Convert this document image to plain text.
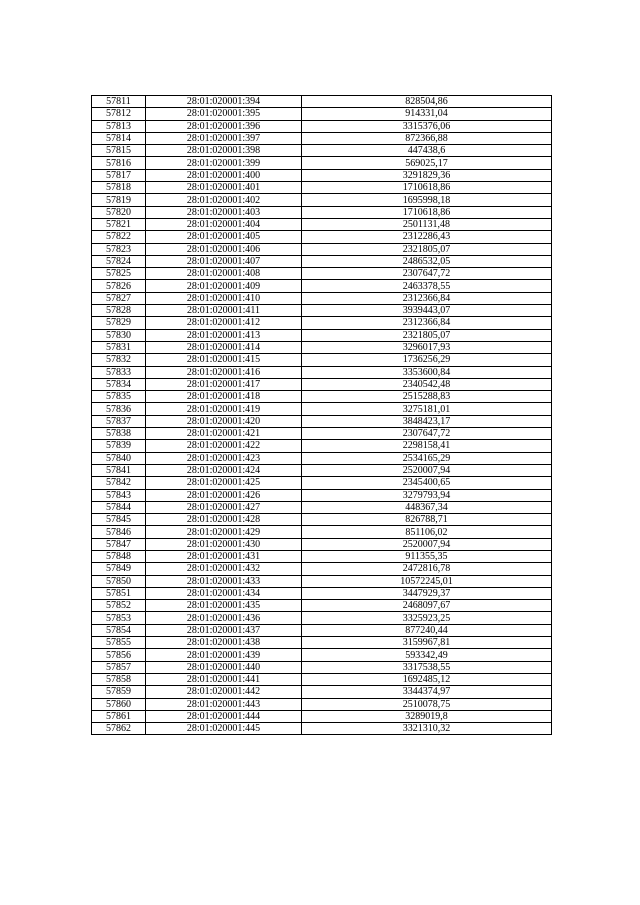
57811	28:01:020001:394	828504,86
57812	28:01:020001:395	914331,04
57813	28:01:020001:396	3315376,06
57814	28:01:020001:397	872366,88
57815	28:01:020001:398	447438,6
57816	28:01:020001:399	569025,17
57817	28:01:020001:400	3291829,36
57818	28:01:020001:401	1710618,86
57819	28:01:020001:402	1695998,18
57820	28:01:020001:403	1710618,86
57821	28:01:020001:404	2501131,48
57822	28:01:020001:405	2312286,43
57823	28:01:020001:406	2321805,07
57824	28:01:020001:407	2486532,05
57825	28:01:020001:408	2307647,72
57826	28:01:020001:409	2463378,55
57827	28:01:020001:410	2312366,84
57828	28:01:020001:411	3939443,07
57829	28:01:020001:412	2312366,84
57830	28:01:020001:413	2321805,07
57831	28:01:020001:414	3296017,93
57832	28:01:020001:415	1736256,29
57833	28:01:020001:416	3353600,84
57834	28:01:020001:417	2340542,48
57835	28:01:020001:418	2515288,83
57836	28:01:020001:419	3275181,01
57837	28:01:020001:420	3848423,17
57838	28:01:020001:421	2307647,72
57839	28:01:020001:422	2298158,41
57840	28:01:020001:423	2534165,29
57841	28:01:020001:424	2520007,94
57842	28:01:020001:425	2345400,65
57843	28:01:020001:426	3279793,94
57844	28:01:020001:427	448367,34
57845	28:01:020001:428	826788,71
57846	28:01:020001:429	851106,02
57847	28:01:020001:430	2520007,94
57848	28:01:020001:431	911355,35
57849	28:01:020001:432	2472816,78
57850	28:01:020001:433	10572245,01
57851	28:01:020001:434	3447929,37
57852	28:01:020001:435	2468097,67
57853	28:01:020001:436	3325923,25
57854	28:01:020001:437	877240,44
57855	28:01:020001:438	3159967,81
57856	28:01:020001:439	593342,49
57857	28:01:020001:440	3317538,55
57858	28:01:020001:441	1692485,12
57859	28:01:020001:442	3344374,97
57860	28:01:020001:443	2510078,75
57861	28:01:020001:444	3289019,8
57862	28:01:020001:445	3321310,32
